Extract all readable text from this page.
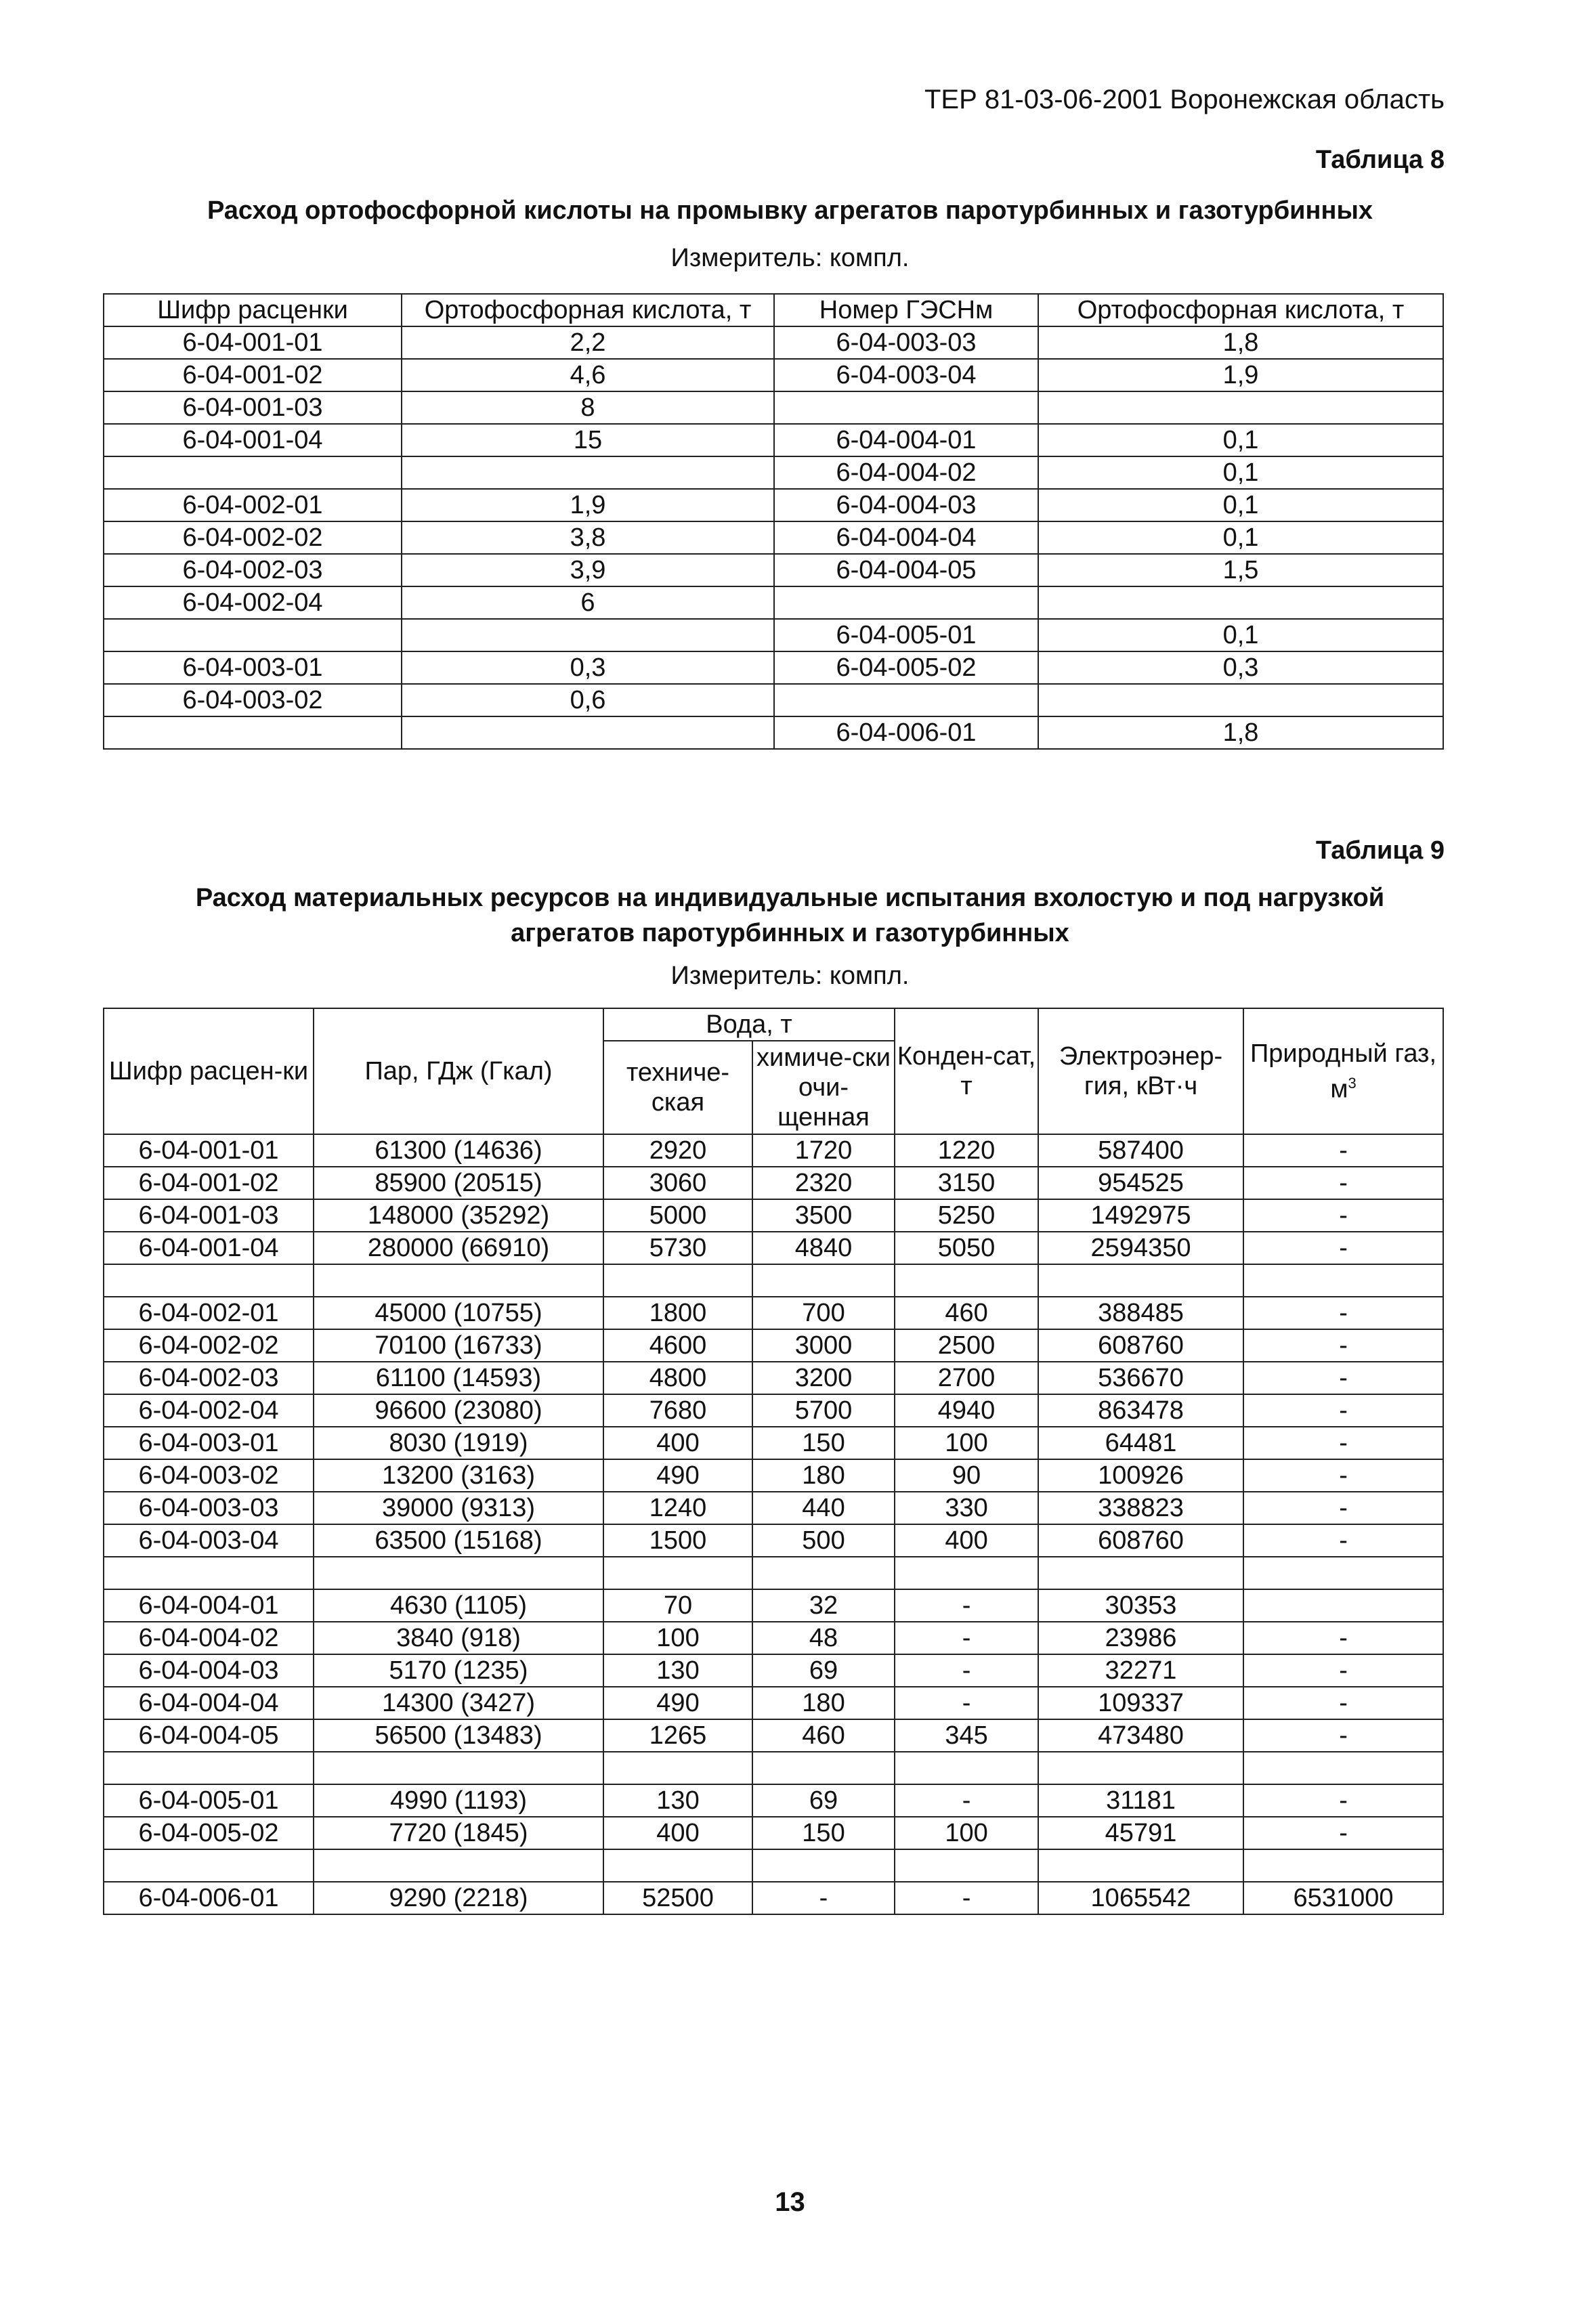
ТЕР 81-03-06-2001 Воронежская область
Таблица 8
Расход ортофосфорной кислоты на промывку агрегатов паротурбинных и газотурбинных
Измеритель: компл.
Шифр расценки	Ортофосфорная кислота, т	Номер ГЭСНм	Ортофосфорная кислота, т
6-04-001-01	2,2	6-04-003-03	1,8
6-04-001-02	4,6	6-04-003-04	1,9
6-04-001-03	8		
6-04-001-04	15	6-04-004-01	0,1
		6-04-004-02	0,1
6-04-002-01	1,9	6-04-004-03	0,1
6-04-002-02	3,8	6-04-004-04	0,1
6-04-002-03	3,9	6-04-004-05	1,5
6-04-002-04	6		
		6-04-005-01	0,1
6-04-003-01	0,3	6-04-005-02	0,3
6-04-003-02	0,6		
		6-04-006-01	1,8
Таблица 9
Расход материальных ресурсов на индивидуальные испытания вхолостую и под нагрузкой
агрегатов паротурбинных и газотурбинных
Измеритель: компл.
Шифр расцен-ки	Пар, ГДж (Гкал)	Вода, т		Конден-сат, т	Электроэнер-гия, кВт·ч	Природный газ, $м^3$
		техниче-ская	химиче-ски очи-щенная			
6-04-001-01	61300 (14636)	2920	1720	1220	587400	-
6-04-001-02	85900 (20515)	3060	2320	3150	954525	-
6-04-001-03	148000 (35292)	5000	3500	5250	1492975	-
6-04-001-04	280000 (66910)	5730	4840	5050	2594350	-

6-04-002-01	45000 (10755)	1800	700	460	388485	-
6-04-002-02	70100 (16733)	4600	3000	2500	608760	-
6-04-002-03	61100 (14593)	4800	3200	2700	536670	-
6-04-002-04	96600 (23080)	7680	5700	4940	863478	-
6-04-003-01	8030 (1919)	400	150	100	64481	-
6-04-003-02	13200 (3163)	490	180	90	100926	-
6-04-003-03	39000 (9313)	1240	440	330	338823	-
6-04-003-04	63500 (15168)	1500	500	400	608760	-

6-04-004-01	4630 (1105)	70	32	-	30353	
6-04-004-02	3840 (918)	100	48	-	23986	-
6-04-004-03	5170 (1235)	130	69	-	32271	-
6-04-004-04	14300 (3427)	490	180	-	109337	-
6-04-004-05	56500 (13483)	1265	460	345	473480	-

6-04-005-01	4990 (1193)	130	69	-	31181	-
6-04-005-02	7720 (1845)	400	150	100	45791	-

6-04-006-01	9290 (2218)	52500	-	-	1065542	6531000
13
